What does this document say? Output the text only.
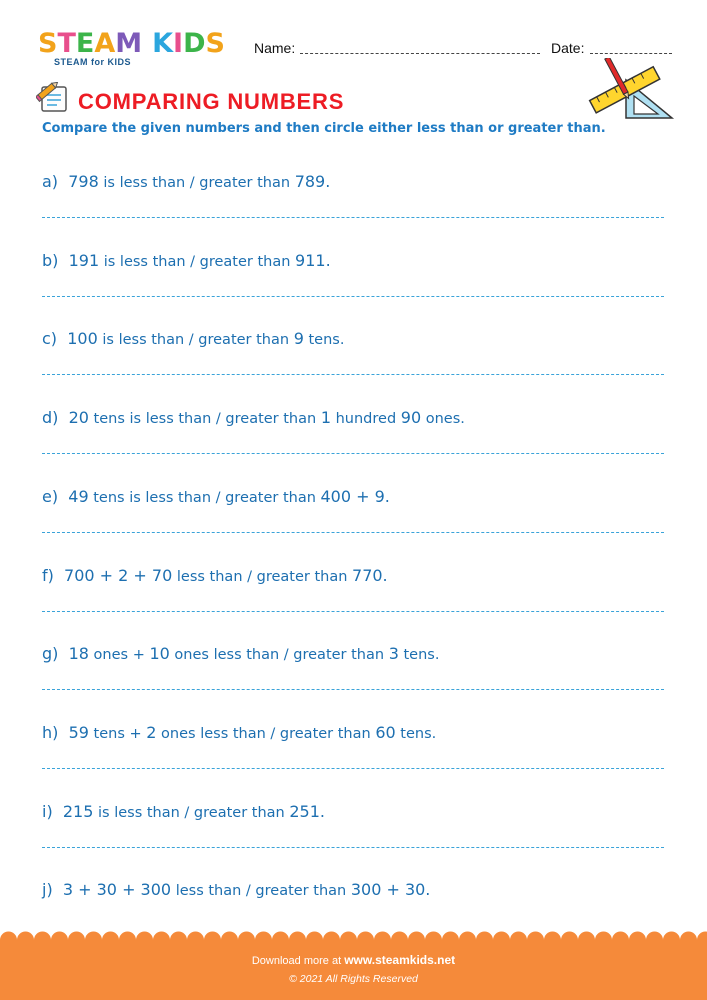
S T E A M K I D S
STEAM for KIDS
Name:	Date:
COMPARING NUMBERS
Compare the given numbers and then circle either less than or greater than.
a)  798 is less than / greater than 789.
b)  191 is less than / greater than 911.
c)  100 is less than / greater than 9 tens.
d)  20 tens is less than / greater than 1 hundred 90 ones.
e)  49 tens is less than / greater than 400 + 9.
f)  700 + 2 + 70 less than / greater than 770.
g)  18 ones + 10 ones less than / greater than 3 tens.
h)  59 tens + 2 ones less than / greater than 60 tens.
i)  215 is less than / greater than 251.
j)  3 + 30 + 300 less than / greater than 300 + 30.
Download more at www.steamkids.net
© 2021 All Rights Reserved
